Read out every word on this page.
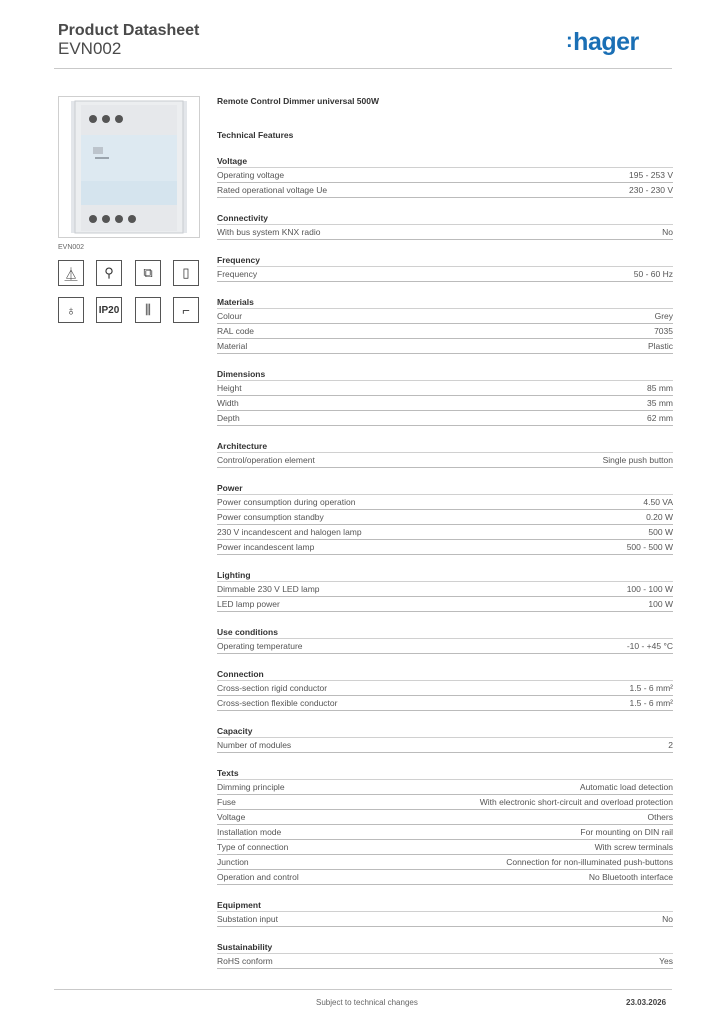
Product Datasheet
EVN002	:hager
EVN002
⏅	⚲	⧉	▯
♁	IP20	⫼	⌐
Remote Control Dimmer universal 500W
Technical Features
Voltage
Operating voltage	195 - 253 V
Rated operational voltage Ue	230 - 230 V
Connectivity
With bus system KNX radio	No
Frequency
Frequency	50 - 60 Hz
Materials
Colour	Grey
RAL code	7035
Material	Plastic
Dimensions
Height	85 mm
Width	35 mm
Depth	62 mm
Architecture
Control/operation element	Single push button
Power
Power consumption during operation	4.50 VA
Power consumption standby	0.20 W
230 V incandescent and halogen lamp	500 W
Power incandescent lamp	500 - 500 W
Lighting
Dimmable 230 V LED lamp	100 - 100 W
LED lamp power	100 W
Use conditions
Operating temperature	-10 - +45 °C
Connection
Cross-section rigid conductor	1.5 - 6 mm²
Cross-section flexible conductor	1.5 - 6 mm²
Capacity
Number of modules	2
Texts
Dimming principle	Automatic load detection
Fuse	With electronic short-circuit and overload protection
Voltage	Others
Installation mode	For mounting on DIN rail
Type of connection	With screw terminals
Junction	Connection for non-illuminated push-buttons
Operation and control	No Bluetooth interface
Equipment
Substation input	No
Sustainability
RoHS conform	Yes
Subject to technical changes	23.03.2026
